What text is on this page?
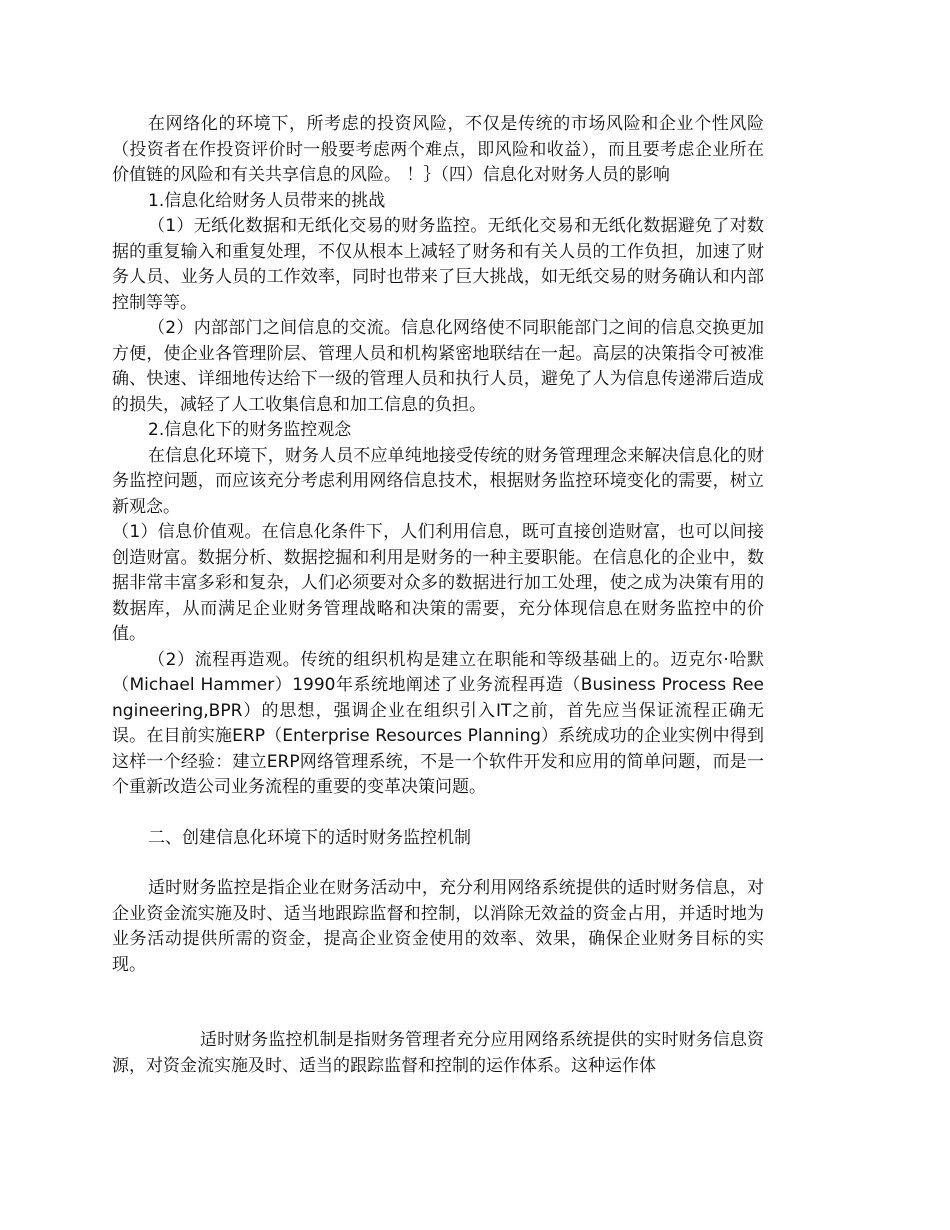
在网络化的环境下，所考虑的投资风险，不仅是传统的市场风险和企业个性风险（投资者在作投资评价时一般要考虑两个难点，即风险和收益），而且要考虑企业所在价值链的风险和有关共享信息的风险。 ！｝（四）信息化对财务人员的影响

1.信息化给财务人员带来的挑战

（1）无纸化数据和无纸化交易的财务监控。无纸化交易和无纸化数据避免了对数据的重复输入和重复处理，不仅从根本上减轻了财务和有关人员的工作负担，加速了财务人员、业务人员的工作效率，同时也带来了巨大挑战，如无纸交易的财务确认和内部控制等等。

（2）内部部门之间信息的交流。信息化网络使不同职能部门之间的信息交换更加方便，使企业各管理阶层、管理人员和机构紧密地联结在一起。高层的决策指令可被准确、快速、详细地传达给下一级的管理人员和执行人员，避免了人为信息传递滞后造成的损失，减轻了人工收集信息和加工信息的负担。

2.信息化下的财务监控观念

在信息化环境下，财务人员不应单纯地接受传统的财务管理理念来解决信息化的财务监控问题，而应该充分考虑利用网络信息技术，根据财务监控环境变化的需要，树立新观念。

（1）信息价值观。在信息化条件下，人们利用信息，既可直接创造财富，也可以间接创造财富。数据分析、数据挖掘和利用是财务的一种主要职能。在信息化的企业中，数据非常丰富多彩和复杂，人们必须要对众多的数据进行加工处理，使之成为决策有用的数据库，从而满足企业财务管理战略和决策的需要，充分体现信息在财务监控中的价值。

（2）流程再造观。传统的组织机构是建立在职能和等级基础上的。迈克尔·哈默（Michael Hammer）1990年系统地阐述了业务流程再造（Business Process Reengineering,BPR）的思想，强调企业在组织引入IT之前，首先应当保证流程正确无误。在目前实施ERP（Enterprise Resources Planning）系统成功的企业实例中得到这样一个经验：建立ERP网络管理系统，不是一个软件开发和应用的简单问题，而是一个重新改造公司业务流程的重要的变革决策问题。

二、创建信息化环境下的适时财务监控机制

适时财务监控是指企业在财务活动中，充分利用网络系统提供的适时财务信息，对企业资金流实施及时、适当地跟踪监督和控制，以消除无效益的资金占用，并适时地为业务活动提供所需的资金，提高企业资金使用的效率、效果，确保企业财务目标的实现。

适时财务监控机制是指财务管理者充分应用网络系统提供的实时财务信息资源，对资金流实施及时、适当的跟踪监督和控制的运作体系。这种运作体
